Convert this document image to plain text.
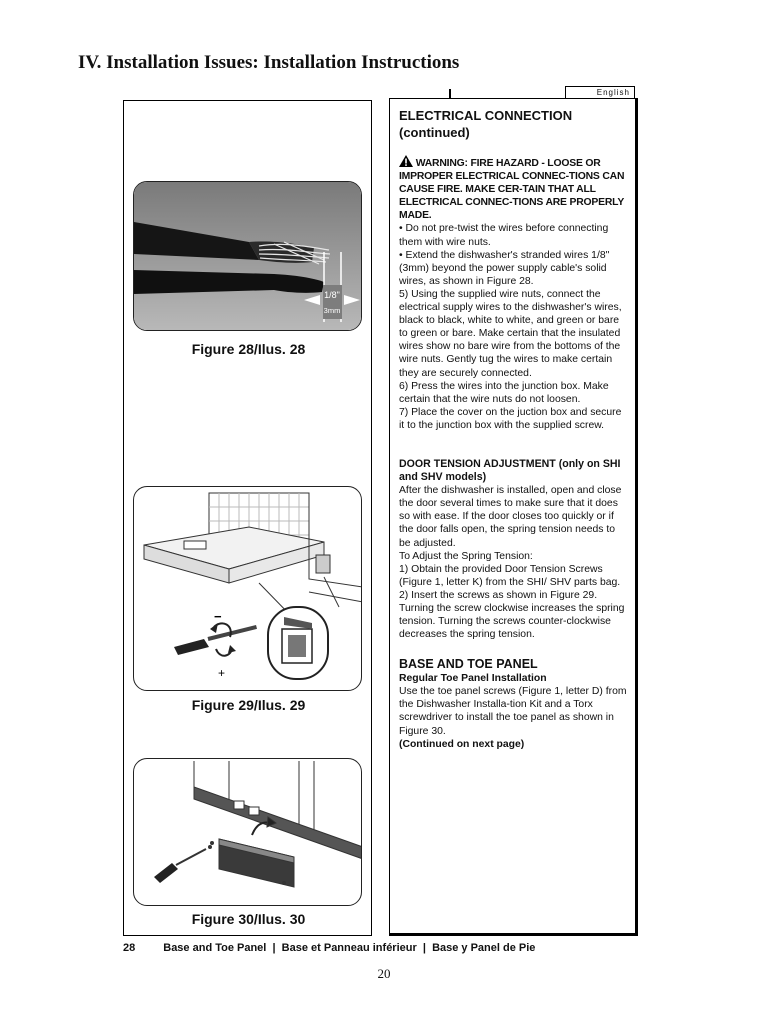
IV. Installation Issues: Installation Instructions
English
1/8"
3mm
Figure 28/Ilus. 28
−
+
Figure 29/Ilus. 29
Figure 30/Ilus. 30

ELECTRICAL CONNECTION (continued)

WARNING: FIRE HAZARD - LOOSE OR IMPROPER ELECTRICAL CONNEC-TIONS CAN CAUSE FIRE. MAKE CER-TAIN THAT ALL ELECTRICAL CONNEC-TIONS ARE PROPERLY MADE.

• Do not pre-twist the wires before connecting them with wire nuts.

• Extend the dishwasher's stranded wires 1/8" (3mm) beyond the power supply cable's solid wires, as shown in Figure 28.

5) Using the supplied wire nuts, connect the electrical supply wires to the dishwasher's wires, black to black, white to white, and green or bare to green or bare. Make certain that the insulated wires show no bare wire from the bottoms of the wire nuts. Gently tug the wires to make certain they are securely connected.

6) Press the wires into the junction box. Make certain that the wire nuts do not loosen.

7) Place the cover on the juction box and secure it to the junction box with the supplied screw.

DOOR TENSION ADJUSTMENT (only on SHI and SHV models)

After the dishwasher is installed, open and close the door several times to make sure that it does so with ease. If the door closes too quickly or if the door falls open, the spring tension needs to be adjusted.

To Adjust the Spring Tension:

1) Obtain the provided Door Tension Screws (Figure 1, letter K) from the SHI/ SHV parts bag.

2) Insert the screws as shown in Figure 29. Turning the screw clockwise increases the spring tension. Turning the screws counter-clockwise decreases the spring tension.

BASE AND TOE PANEL

Regular Toe Panel Installation

Use the toe panel screws (Figure 1, letter D) from the Dishwasher Installa-tion Kit and a Torx screwdriver to install the toe panel as shown in Figure 30.

(Continued on next page)

28	Base and Toe Panel  |  Base et Panneau inférieur  |  Base y Panel de Pie
20
